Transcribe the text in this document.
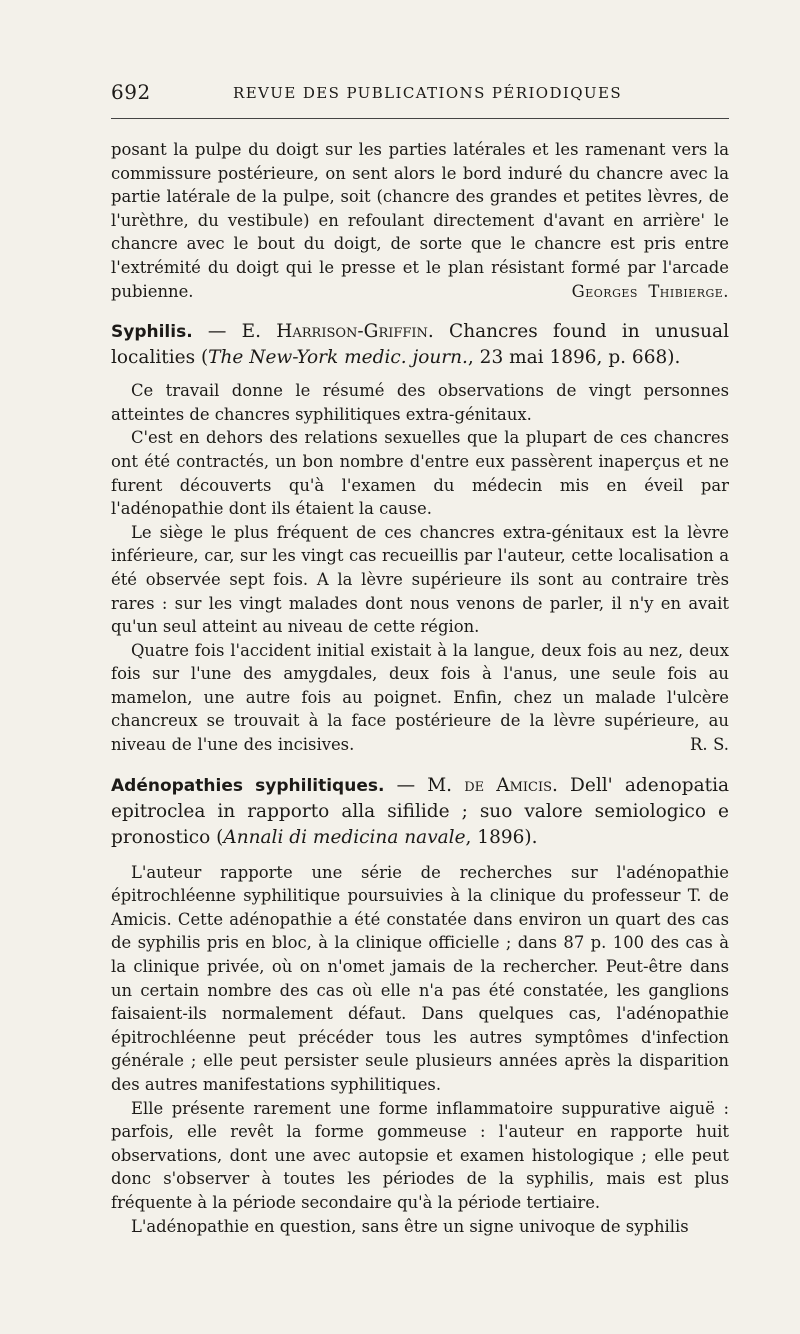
692	REVUE DES PUBLICATIONS PÉRIODIQUES

posant la pulpe du doigt sur les parties latérales et les ramenant vers la commissure postérieure, on sent alors le bord induré du chancre avec la partie latérale de la pulpe, soit (chancre des grandes et petites lèvres, de l'urèthre, du vestibule) en refoulant directement d'avant en arrière' le chancre avec le bout du doigt, de sorte que le chancre est pris entre l'extrémité du doigt qui le presse et le plan résistant formé par l'arcade pubienne.	Georges Thibierge.

Syphilis. — E. Harrison-Griffin. Chancres found in unusual localities (The New-York medic. journ., 23 mai 1896, p. 668).

Ce travail donne le résumé des observations de vingt personnes atteintes de chancres syphilitiques extra-génitaux.

C'est en dehors des relations sexuelles que la plupart de ces chancres ont été contractés, un bon nombre d'entre eux passèrent inaperçus et ne furent découverts qu'à l'examen du médecin mis en éveil par l'adénopathie dont ils étaient la cause.

Le siège le plus fréquent de ces chancres extra-génitaux est la lèvre inférieure, car, sur les vingt cas recueillis par l'auteur, cette localisation a été observée sept fois. A la lèvre supérieure ils sont au contraire très rares : sur les vingt malades dont nous venons de parler, il n'y en avait qu'un seul atteint au niveau de cette région.

Quatre fois l'accident initial existait à la langue, deux fois au nez, deux fois sur l'une des amygdales, deux fois à l'anus, une seule fois au mamelon, une autre fois au poignet. Enfin, chez un malade l'ulcère chancreux se trouvait à la face postérieure de la lèvre supérieure, au niveau de l'une des incisives.	R. S.

Adénopathies syphilitiques. — M. de Amicis. Dell' adenopatia epitroclea in rapporto alla sifilide ; suo valore semiologico e pronostico (Annali di medicina navale, 1896).

L'auteur rapporte une série de recherches sur l'adénopathie épitrochléenne syphilitique poursuivies à la clinique du professeur T. de Amicis. Cette adénopathie a été constatée dans environ un quart des cas de syphilis pris en bloc, à la clinique officielle ; dans 87 p. 100 des cas à la clinique privée, où on n'omet jamais de la rechercher. Peut-être dans un certain nombre des cas où elle n'a pas été constatée, les ganglions faisaient-ils normalement défaut. Dans quelques cas, l'adénopathie épitrochléenne peut précéder tous les autres symptômes d'infection générale ; elle peut persister seule plusieurs années après la disparition des autres manifestations syphilitiques.

Elle présente rarement une forme inflammatoire suppurative aiguë : parfois, elle revêt la forme gommeuse : l'auteur en rapporte huit observations, dont une avec autopsie et examen histologique ; elle peut donc s'observer à toutes les périodes de la syphilis, mais est plus fréquente à la période secondaire qu'à la période tertiaire.

L'adénopathie en question, sans être un signe univoque de syphilis
